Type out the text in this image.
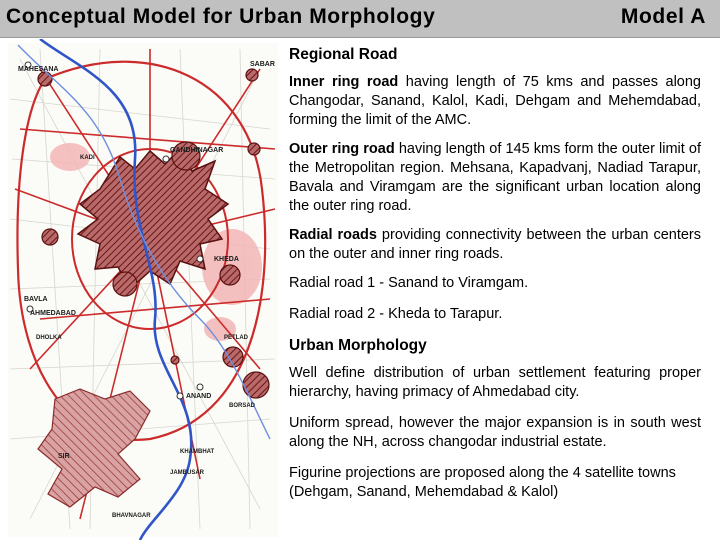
Conceptual Model for Urban Morphology	Model A
MAHESANA
SABAR
GANDHINAGAR
KADI
KHEDA
BAVLA
AHMEDABAD
DHOLKA
ANAND
BORSAD
PETLAD
SIR
JAMBUSAR
BHAVNAGAR
KHAMBHAT

Regional Road

Inner ring road having length of 75 kms and passes along Changodar, Sanand, Kalol, Kadi, Dehgam and Mehemdabad, forming the limit of the AMC.

Outer ring road having length of 145 kms form the outer limit of the Metropolitan region. Mehsana, Kapadvanj, Nadiad Tarapur, Bavala and Viramgam are the significant urban location along the outer ring road.

Radial roads providing connectivity between the urban centers on the outer and inner ring roads.

Radial road 1 - Sanand to Viramgam.

Radial road 2 - Kheda to Tarapur.

Urban Morphology

Well define distribution of urban settlement featuring proper hierarchy, having primacy of Ahmedabad city.

Uniform spread, however the major expansion is in south west along the NH, across changodar industrial estate.

Figurine projections are proposed along the 4 satellite towns (Dehgam, Sanand, Mehemdabad & Kalol)
